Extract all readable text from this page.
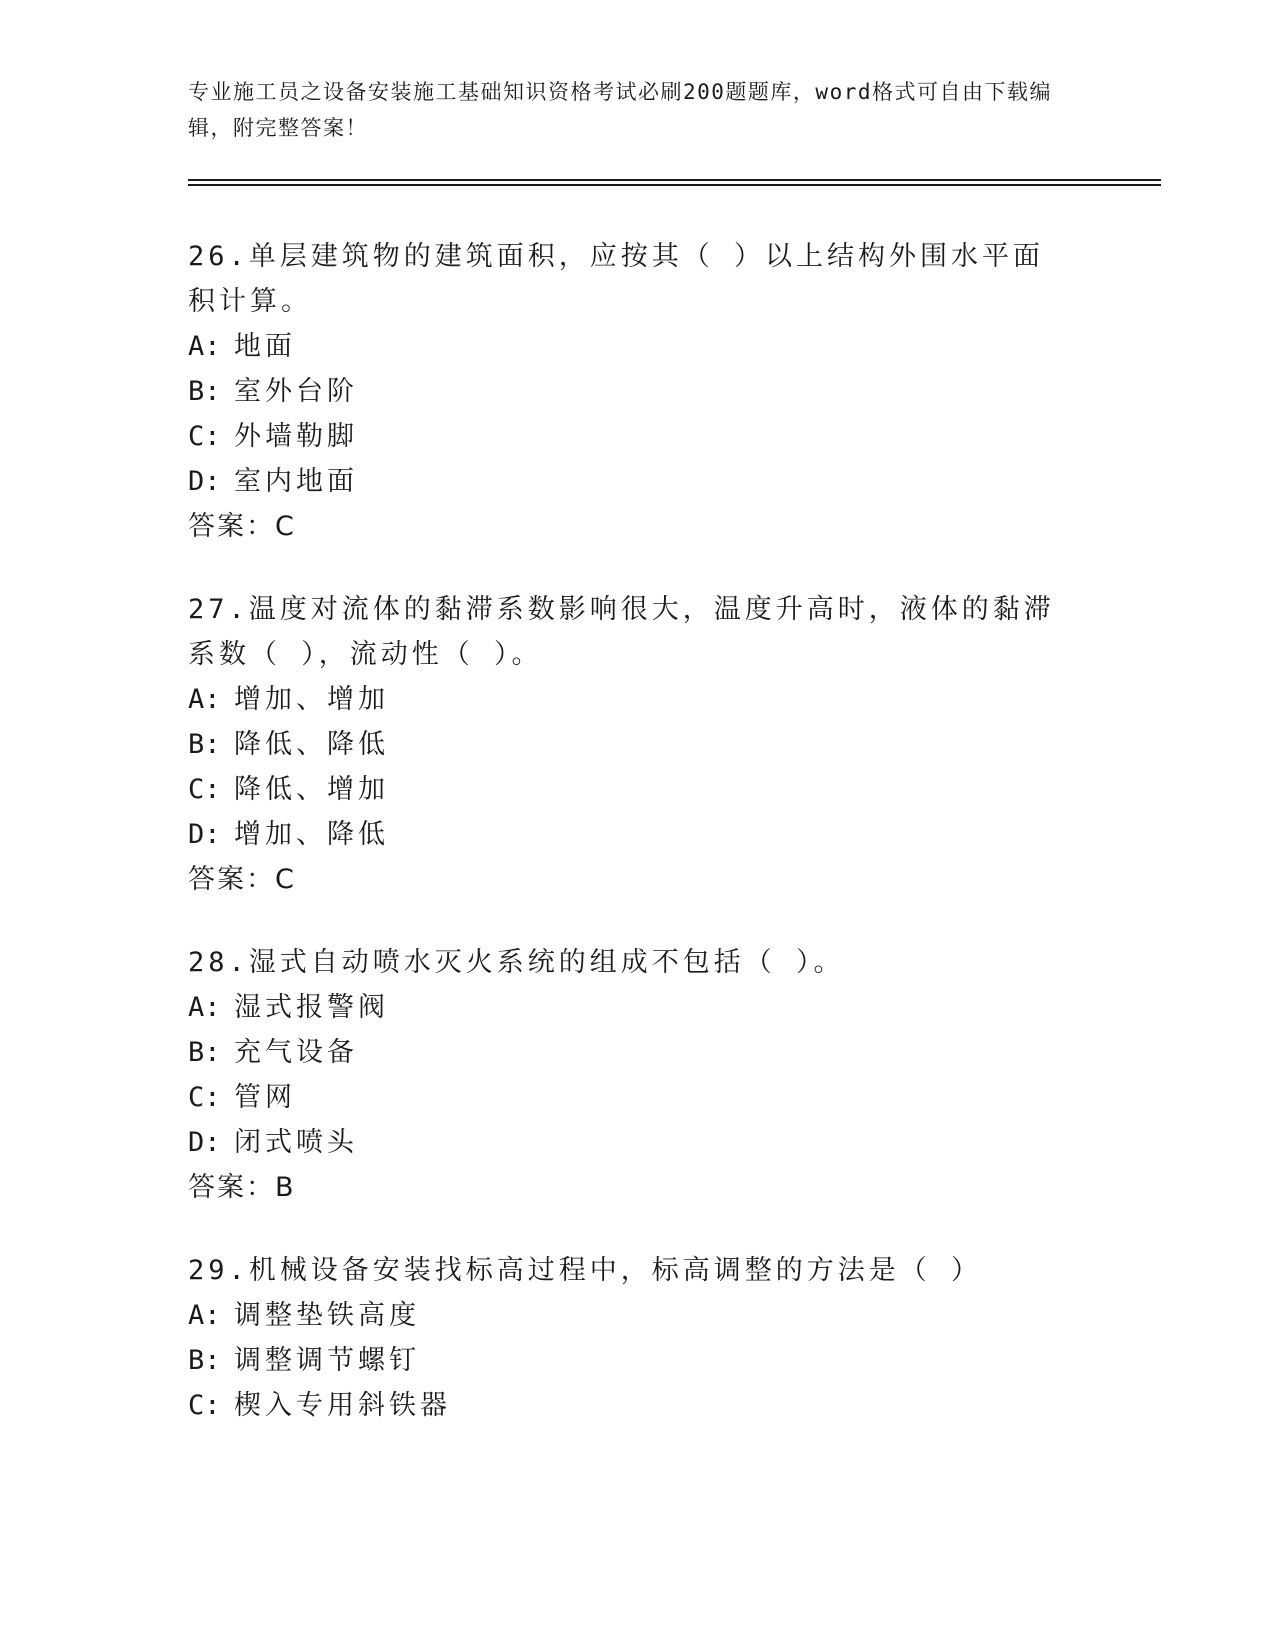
专业施工员之设备安装施工基础知识资格考试必刷200题题库，word格式可自由下载编辑，附完整答案！
26.单层建筑物的建筑面积，应按其（ ）以上结构外围水平面积计算。
A: 地面
B: 室外台阶
C: 外墙勒脚
D: 室内地面
答案：C
27.温度对流体的黏滞系数影响很大，温度升高时，液体的黏滞系数（ ），流动性（ ）。
A: 增加、增加
B: 降低、降低
C: 降低、增加
D: 增加、降低
答案：C
28.湿式自动喷水灭火系统的组成不包括（ ）。
A: 湿式报警阀
B: 充气设备
C: 管网
D: 闭式喷头
答案：B
29.机械设备安装找标高过程中，标高调整的方法是（ ）
A: 调整垫铁高度
B: 调整调节螺钉
C: 楔入专用斜铁器
